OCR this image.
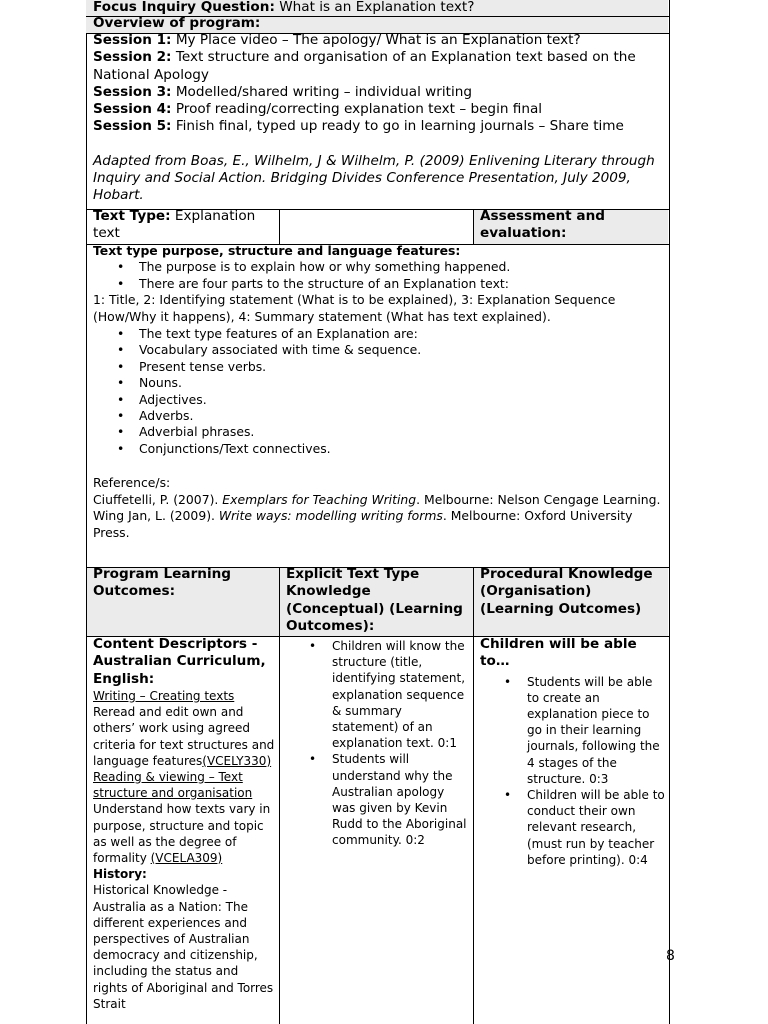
Focus Inquiry Question: What is an Explanation text?
Overview of program:
Session 1: My Place video – The apology/ What is an Explanation text?
Session 2: Text structure and organisation of an Explanation text based on the National Apology
Session 3: Modelled/shared writing – individual writing
Session 4: Proof reading/correcting explanation text – begin final
Session 5: Finish final, typed up ready to go in learning journals – Share time
Adapted from Boas, E., Wilhelm, J & Wilhelm, P. (2009) Enlivening Literary through Inquiry and Social Action. Bridging Divides Conference Presentation, July 2009, Hobart.
Text Type: Explanation text
Assessment and evaluation:
Text type purpose, structure and language features:
• The purpose is to explain how or why something happened.
• There are four parts to the structure of an Explanation text:
1: Title, 2: Identifying statement (What is to be explained), 3: Explanation Sequence (How/Why it happens), 4: Summary statement (What has text explained).
• The text type features of an Explanation are:
• Vocabulary associated with time & sequence.
• Present tense verbs.
• Nouns.
• Adjectives.
• Adverbs.
• Adverbial phrases.
• Conjunctions/Text connectives.
Reference/s:
Ciuffetelli, P. (2007). Exemplars for Teaching Writing. Melbourne: Nelson Cengage Learning.
Wing Jan, L. (2009). Write ways: modelling writing forms. Melbourne: Oxford University Press.
Program Learning Outcomes:
Explicit Text Type Knowledge (Conceptual) (Learning Outcomes):
Procedural Knowledge (Organisation) (Learning Outcomes)
Content Descriptors - Australian Curriculum, English:
Writing – Creating texts
Reread and edit own and others’ work using agreed criteria for text structures and language features(VCELY330)
Reading & viewing – Text structure and organisation
Understand how texts vary in purpose, structure and topic as well as the degree of formality (VCELA309)
History:
Historical Knowledge - Australia as a Nation: The different experiences and perspectives of Australian democracy and citizenship, including the status and rights of Aboriginal and Torres Strait
• Children will know the structure (title, identifying statement, explanation sequence & summary statement) of an explanation text. 0:1
• Students will understand why the Australian apology was given by Kevin Rudd to the Aboriginal community. 0:2
Children will be able to…
• Students will be able to create an explanation piece to go in their learning journals, following the 4 stages of the structure. 0:3
• Children will be able to conduct their own relevant research, (must run by teacher before printing). 0:4
8
